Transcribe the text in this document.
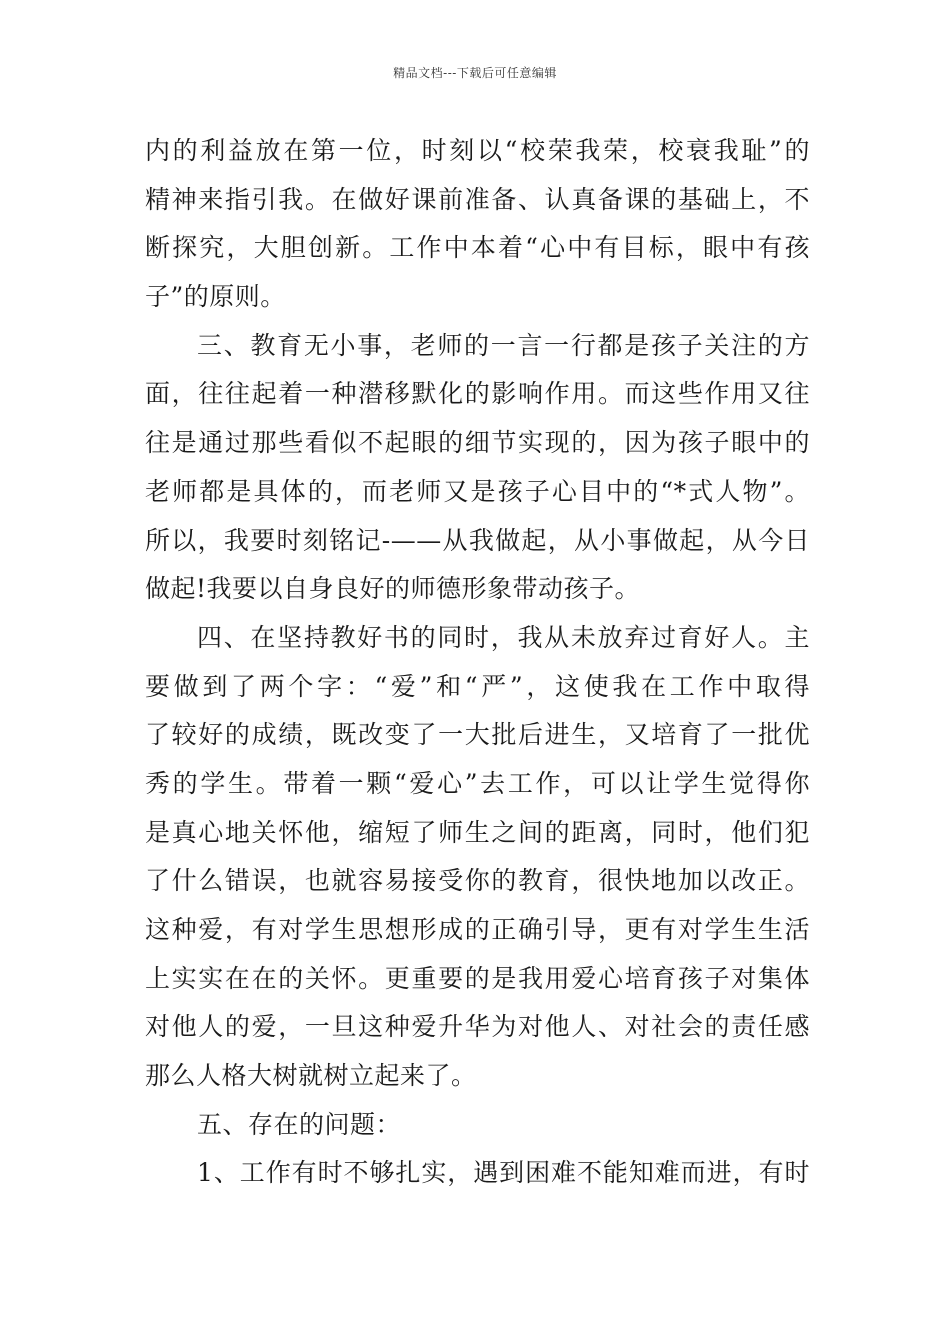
精品文档---下载后可任意编辑
内的利益放在第一位，时刻以“校荣我荣，校衰我耻”的
精神来指引我。在做好课前准备、认真备课的基础上，不
断探究，大胆创新。工作中本着“心中有目标，眼中有孩
子”的原则。
三、教育无小事，老师的一言一行都是孩子关注的方
面，往往起着一种潜移默化的影响作用。而这些作用又往
往是通过那些看似不起眼的细节实现的，因为孩子眼中的
老师都是具体的，而老师又是孩子心目中的“*式人物”。
所以，我要时刻铭记-——从我做起，从小事做起，从今日
做起!我要以自身良好的师德形象带动孩子。
四、在坚持教好书的同时，我从未放弃过育好人。主
要做到了两个字：“爱”和“严”，这使我在工作中取得
了较好的成绩，既改变了一大批后进生，又培育了一批优
秀的学生。带着一颗“爱心”去工作，可以让学生觉得你
是真心地关怀他，缩短了师生之间的距离，同时，他们犯
了什么错误，也就容易接受你的教育，很快地加以改正。
这种爱，有对学生思想形成的正确引导，更有对学生生活
上实实在在的关怀。更重要的是我用爱心培育孩子对集体
对他人的爱，一旦这种爱升华为对他人、对社会的责任感
那么人格大树就树立起来了。
五、存在的问题：
1、工作有时不够扎实，遇到困难不能知难而进，有时
